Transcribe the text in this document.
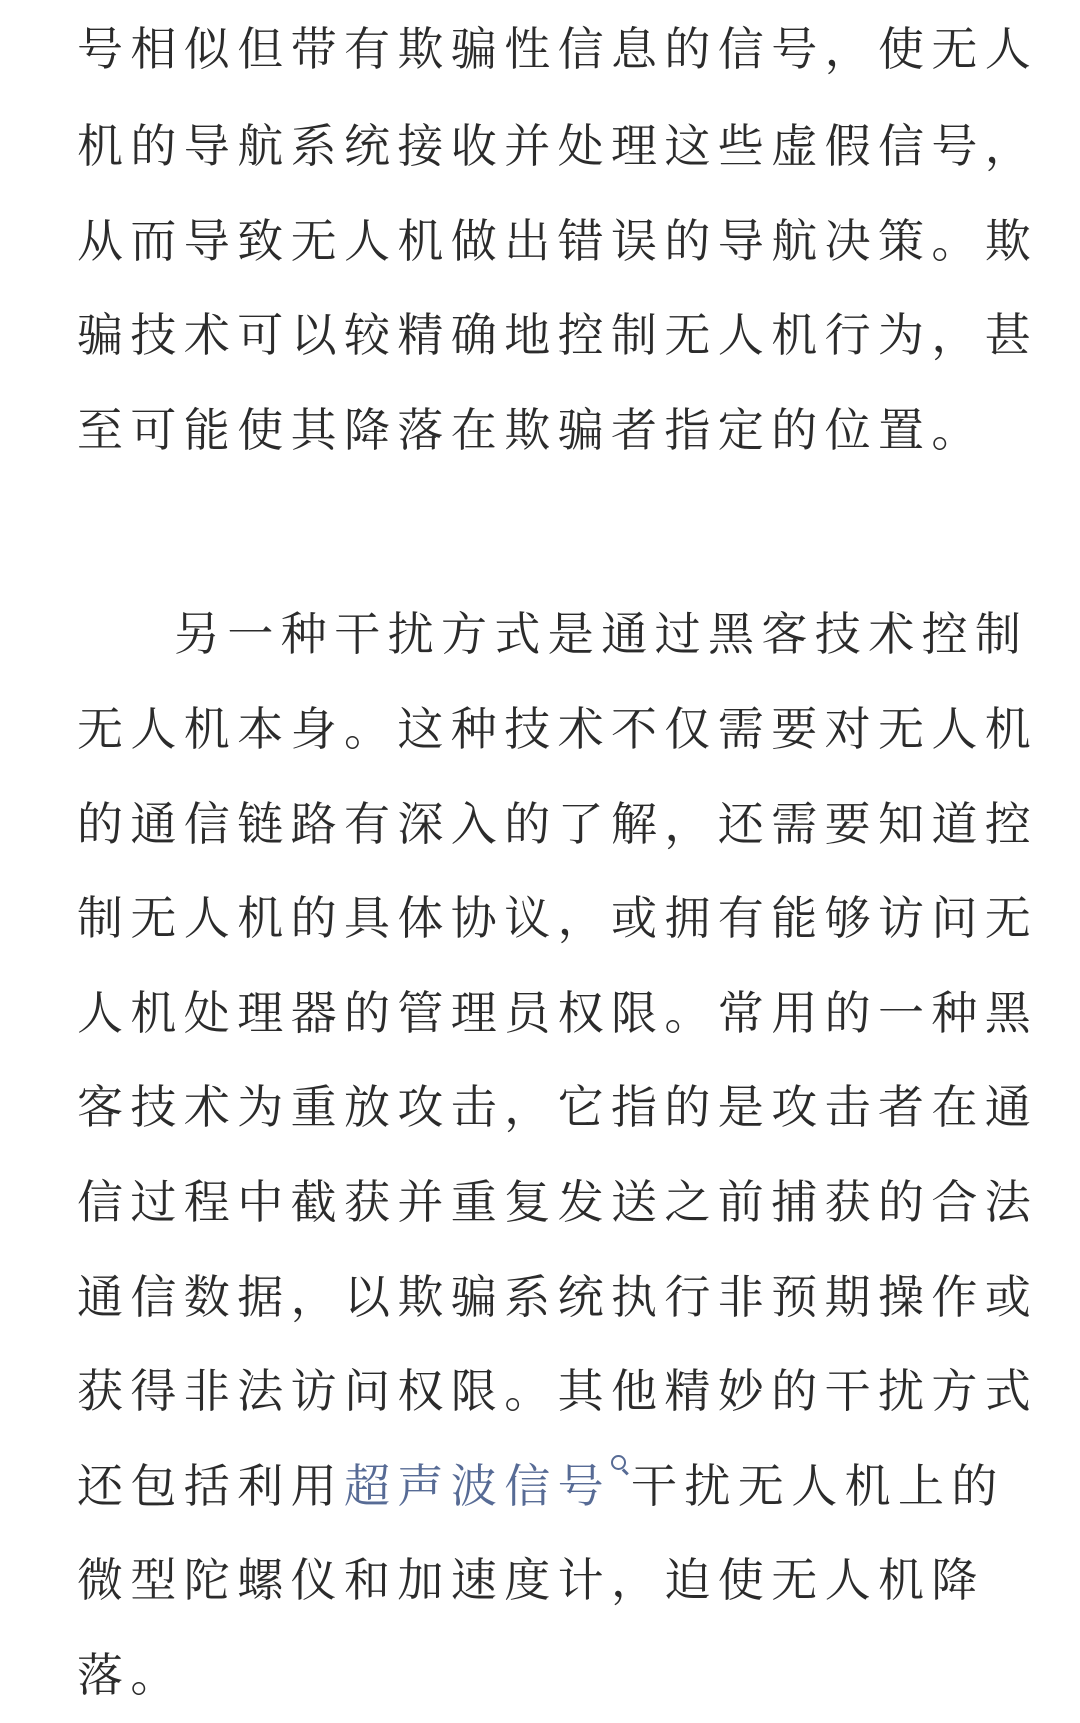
号相似但带有欺骗性信息的信号，使无人
机的导航系统接收并处理这些虚假信号，
从而导致无人机做出错误的导航决策。欺
骗技术可以较精确地控制无人机行为，甚
至可能使其降落在欺骗者指定的位置。
另一种干扰方式是通过黑客技术控制
无人机本身。这种技术不仅需要对无人机
的通信链路有深入的了解，还需要知道控
制无人机的具体协议，或拥有能够访问无
人机处理器的管理员权限。常用的一种黑
客技术为重放攻击，它指的是攻击者在通
信过程中截获并重复发送之前捕获的合法
通信数据，以欺骗系统执行非预期操作或
获得非法访问权限。其他精妙的干扰方式
还包括利用超声波信号 干扰无人机上的
微型陀螺仪和加速度计，迫使无人机降
落。
